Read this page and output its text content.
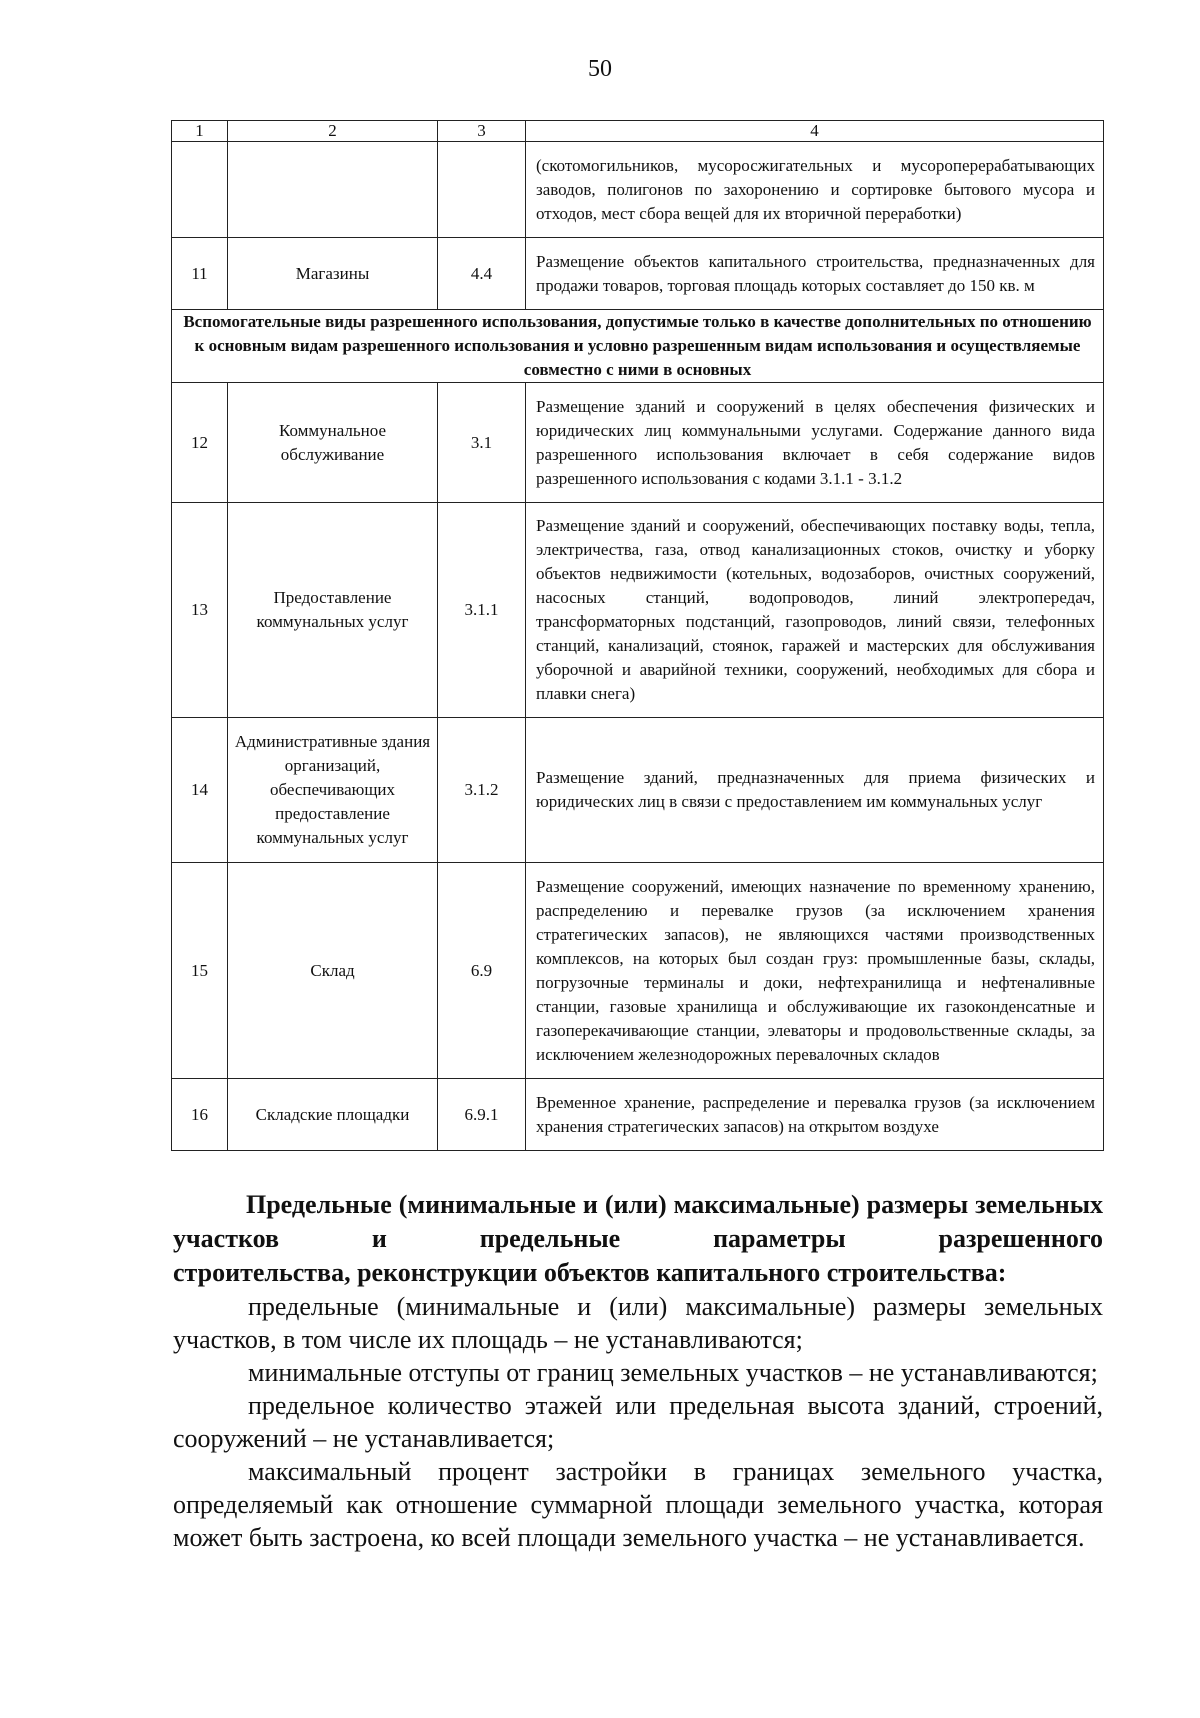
50
1	2	3	4
			(скотомогильников, мусоросжигательных и мусороперерабатывающих заводов, полигонов по захоронению и сортировке бытового мусора и отходов, мест сбора вещей для их вторичной переработки)
11	Магазины	4.4	Размещение объектов капитального строительства, предназначенных для продажи товаров, торговая площадь которых составляет до 150 кв. м
Вспомогательные виды разрешенного использования, допустимые только в качестве дополнительных по отношению к основным видам разрешенного использования и условно разрешенным видам использования и осуществляемые совместно с ними в основных			
12	Коммунальное обслуживание	3.1	Размещение зданий и сооружений в целях обеспечения физических и юридических лиц коммунальными услугами. Содержание данного вида разрешенного использования включает в себя содержание видов разрешенного использования с кодами 3.1.1 - 3.1.2
13	Предоставление коммунальных услуг	3.1.1	Размещение зданий и сооружений, обеспечивающих поставку воды, тепла, электричества, газа, отвод канализационных стоков, очистку и уборку объектов недвижимости (котельных, водозаборов, очистных сооружений, насосных станций, водопроводов, линий электропередач, трансформаторных подстанций, газопроводов, линий связи, телефонных станций, канализаций, стоянок, гаражей и мастерских для обслуживания уборочной и аварийной техники, сооружений, необходимых для сбора и плавки снега)
14	Административные здания организаций, обеспечивающих предоставление коммунальных услуг	3.1.2	Размещение зданий, предназначенных для приема физических и юридических лиц в связи с предоставлением им коммунальных услуг
15	Склад	6.9	Размещение сооружений, имеющих назначение по временному хранению, распределению и перевалке грузов (за исключением хранения стратегических запасов), не являющихся частями производственных комплексов, на которых был создан груз: промышленные базы, склады, погрузочные терминалы и доки, нефтехранилища и нефтеналивные станции, газовые хранилища и обслуживающие их газоконденсатные и газоперекачивающие станции, элеваторы и продовольственные склады, за исключением железнодорожных перевалочных складов
16	Складские площадки	6.9.1	Временное хранение, распределение и перевалка грузов (за исключением хранения стратегических запасов) на открытом воздухе
Предельные (минимальные и (или) максимальные) размеры земельных участков и предельные параметры разрешенного
строительства, реконструкции объектов капитального строительства:

предельные (минимальные и (или) максимальные) размеры земельных участков, в том числе их площадь – не устанавливаются;

минимальные отступы от границ земельных участков – не устанавливаются;

предельное количество этажей или предельная высота зданий, строений, сооружений – не устанавливается;

максимальный процент застройки в границах земельного участка, определяемый как отношение суммарной площади земельного участка, которая может быть застроена, ко всей площади земельного участка – не устанавливается.
